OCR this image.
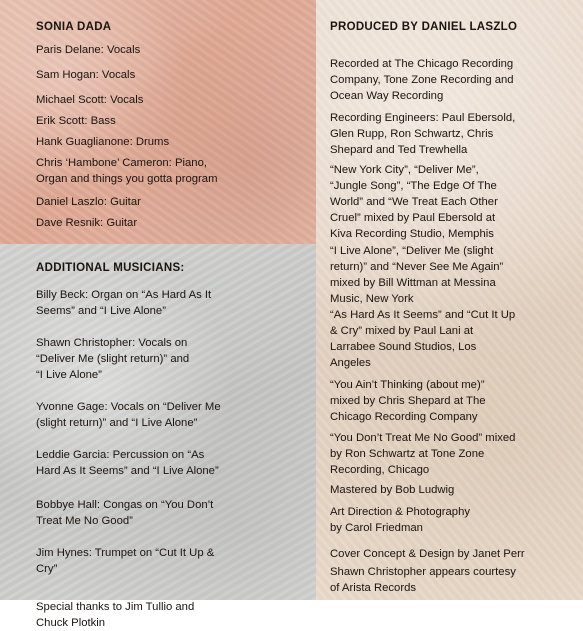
SONIA DADA

Paris Delane: Vocals

Sam Hogan: Vocals

Michael Scott: Vocals

Erik Scott: Bass

Hank Guaglianone: Drums

Chris ‘Hambone’ Cameron: Piano,
Organ and things you gotta program

Daniel Laszlo: Guitar

Dave Resnik: Guitar

ADDITIONAL MUSICIANS:

Billy Beck: Organ on “As Hard As It
Seems” and “I Live Alone”

Shawn Christopher: Vocals on
“Deliver Me (slight return)” and
“I Live Alone”

Yvonne Gage: Vocals on “Deliver Me
(slight return)” and “I Live Alone”

Leddie Garcia: Percussion on “As
Hard As It Seems” and “I Live Alone”

Bobbye Hall: Congas on “You Don’t
Treat Me No Good”

Jim Hynes: Trumpet on “Cut It Up &
Cry”

Special thanks to Jim Tullio and
Chuck Plotkin

PRODUCED BY DANIEL LASZLO

Recorded at The Chicago Recording
Company, Tone Zone Recording and
Ocean Way Recording

Recording Engineers: Paul Ebersold,
Glen Rupp, Ron Schwartz, Chris
Shepard and Ted Trewhella

“New York City”, “Deliver Me”,
“Jungle Song”, “The Edge Of The
World” and “We Treat Each Other
Cruel” mixed by Paul Ebersold at
Kiva Recording Studio, Memphis

“I Live Alone”, “Deliver Me (slight
return)” and “Never See Me Again”
mixed by Bill Wittman at Messina
Music, New York

“As Hard As It Seems” and “Cut It Up
& Cry” mixed by Paul Lani at
Larrabee Sound Studios, Los
Angeles

“You Ain’t Thinking (about me)”
mixed by Chris Shepard at The
Chicago Recording Company

“You Don’t Treat Me No Good” mixed
by Ron Schwartz at Tone Zone
Recording, Chicago

Mastered by Bob Ludwig

Art Direction & Photography
by Carol Friedman

Cover Concept & Design by Janet Perr

Shawn Christopher appears courtesy
of Arista Records
